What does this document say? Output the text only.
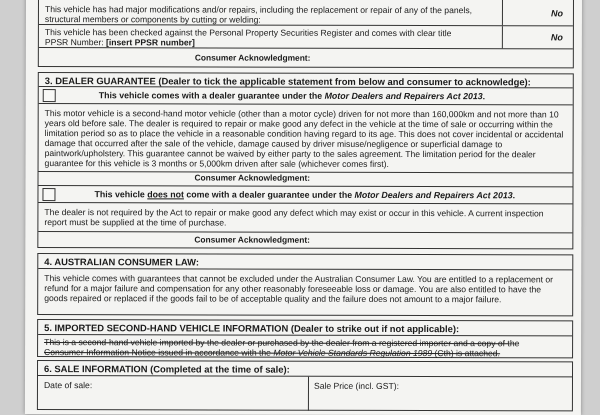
This vehicle has had major modifications and/or repairs, including the replacement or repair of any of the panels, structural members or components by cutting or welding:
No
This vehicle has been checked against the Personal Property Securities Register and comes with clear title
PPSR Number: [insert PPSR number]	No
Consumer Acknowledgment:
3. DEALER GUARANTEE (Dealer to tick the applicable statement from below and consumer to acknowledge):
This vehicle comes with a dealer guarantee under the Motor Dealers and Repairers Act 2013.
This motor vehicle is a second-hand motor vehicle (other than a motor cycle) driven for not more than 160,000km and not more than 10 years old before sale. The dealer is required to repair or make good any defect in the vehicle at the time of sale or occurring within the limitation period so as to place the vehicle in a reasonable condition having regard to its age. This does not cover incidental or accidental damage that occurred after the sale of the vehicle, damage caused by driver misuse/negligence or superficial damage to paintwork/upholstery. This guarantee cannot be waived by either party to the sales agreement. The limitation period for the dealer guarantee for this vehicle is 3 months or 5,000km driven after sale (whichever comes first).
Consumer Acknowledgment:
This vehicle does not come with a dealer guarantee under the Motor Dealers and Repairers Act 2013.
The dealer is not required by the Act to repair or make good any defect which may exist or occur in this vehicle. A current inspection report must be supplied at the time of purchase.
Consumer Acknowledgment:
4. AUSTRALIAN CONSUMER LAW:
This vehicle comes with guarantees that cannot be excluded under the Australian Consumer Law. You are entitled to a replacement or refund for a major failure and compensation for any other reasonably foreseeable loss or damage. You are also entitled to have the goods repaired or replaced if the goods fail to be of acceptable quality and the failure does not amount to a major failure.
5. IMPORTED SECOND-HAND VEHICLE INFORMATION (Dealer to strike out if not applicable):
This is a second-hand vehicle imported by the dealer or purchased by the dealer from a registered importer and a copy of the
Consumer Information Notice issued in accordance with the Motor Vehicle Standards Regulation 1989 (Cth) is attached.
6. SALE INFORMATION (Completed at the time of sale):
Date of sale:	Sale Price (incl. GST):
